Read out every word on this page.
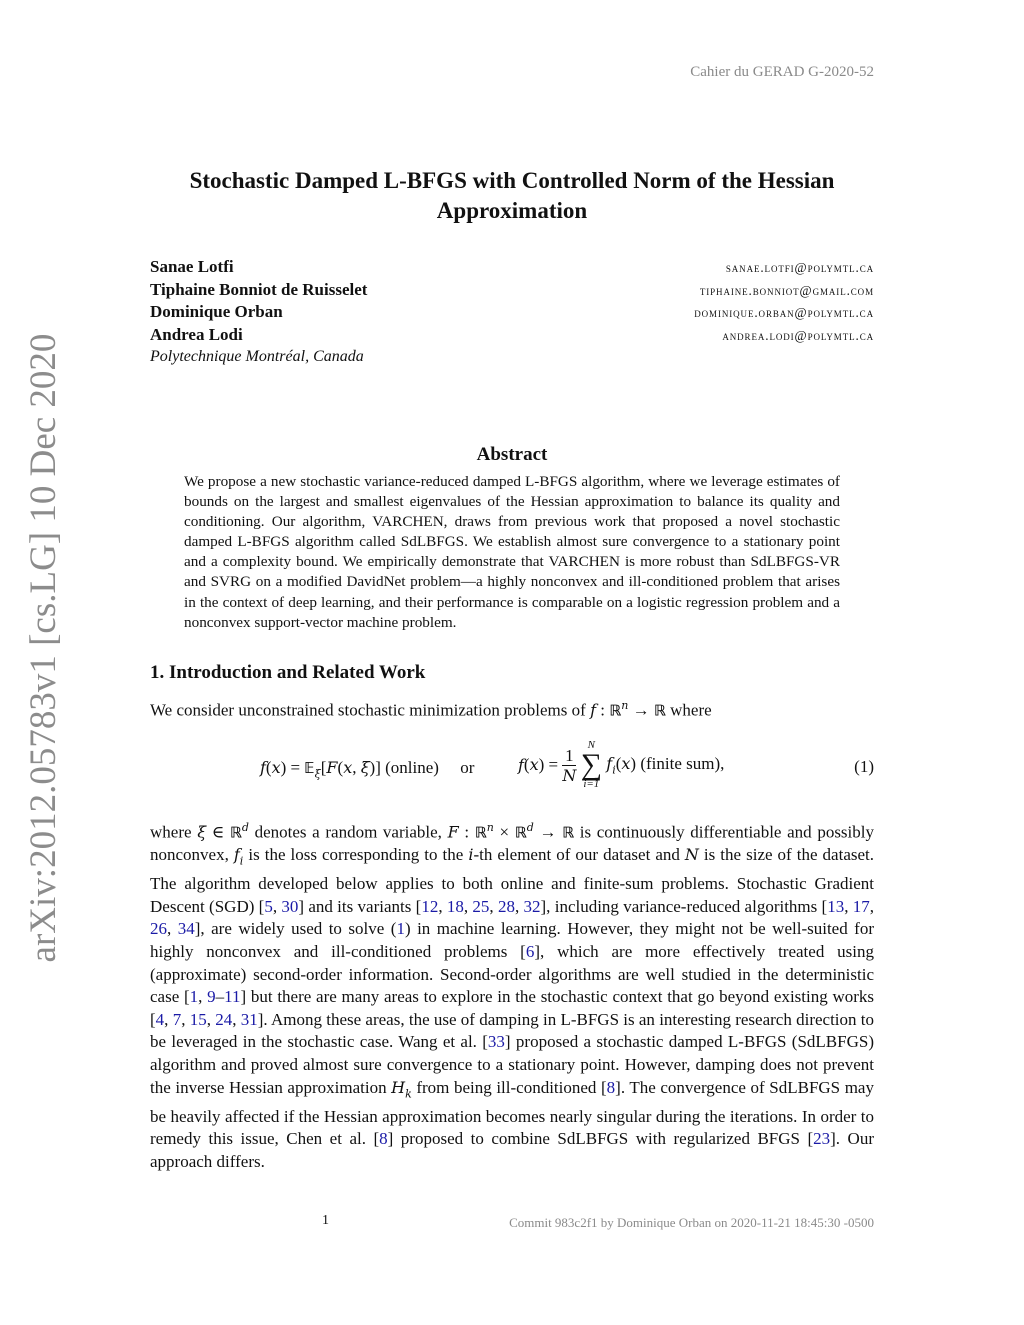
Cahier du GERAD G-2020-52
arXiv:2012.05783v1 [cs.LG] 10 Dec 2020
Stochastic Damped L-BFGS with Controlled Norm of the Hessian
Approximation
Sanae Lotfi	sanae.lotfi@polymtl.ca
Tiphaine Bonniot de Ruisselet	tiphaine.bonniot@gmail.com
Dominique Orban	dominique.orban@polymtl.ca
Andrea Lodi	andrea.lodi@polymtl.ca
Polytechnique Montréal, Canada
Abstract
We propose a new stochastic variance-reduced damped L-BFGS algorithm, where we leverage estimates of bounds on the largest and smallest eigenvalues of the Hessian approximation to balance its quality and conditioning. Our algorithm, VARCHEN, draws from previous work that proposed a novel stochastic damped L-BFGS algorithm called SdLBFGS. We establish almost sure convergence to a stationary point and a complexity bound. We empirically demonstrate that VARCHEN is more robust than SdLBFGS-VR and SVRG on a modified DavidNet problem—a highly nonconvex and ill-conditioned problem that arises in the context of deep learning, and their performance is comparable on a logistic regression problem and a nonconvex support-vector machine problem.
1. Introduction and Related Work
We consider unconstrained stochastic minimization problems of f : ℝ$^n$ → ℝ where
f(x) = 𝔼$_\xi$[F(x, ξ)] (online) or	$f(x) = \frac{1}{N}$

N
∑
i=1
$f_i(x)$ (finite sum),	(1)

where ξ ∈ ℝ$^d$ denotes a random variable, F : ℝ$^n$ × ℝ$^d$ → ℝ is continuously differentiable and possibly nonconvex, $f_i$ is the loss corresponding to the i-th element of our dataset and N is the size of the dataset. The algorithm developed below applies to both online and finite-sum problems. Stochastic Gradient Descent (SGD) [5, 30] and its variants [12, 18, 25, 28, 32], including variance-reduced algorithms [13, 17, 26, 34], are widely used to solve (1) in machine learning. However, they might not be well-suited for highly nonconvex and ill-conditioned problems [6], which are more effectively treated using (approximate) second-order information. Second-order algorithms are well studied in the deterministic case [1, 9–11] but there are many areas to explore in the stochastic context that go beyond existing works [4, 7, 15, 24, 31]. Among these areas, the use of damping in L-BFGS is an interesting research direction to be leveraged in the stochastic case. Wang et al. [33] proposed a stochastic damped L-BFGS (SdLBFGS) algorithm and proved almost sure convergence to a stationary point. However, damping does not prevent the inverse Hessian approximation $H_k$ from being ill-conditioned [8]. The convergence of SdLBFGS may be heavily affected if the Hessian approximation becomes nearly singular during the iterations. In order to remedy this issue, Chen et al. [8] proposed to combine SdLBFGS with regularized BFGS [23]. Our approach differs.

1	Commit 983c2f1 by Dominique Orban on 2020-11-21 18:45:30 -0500
